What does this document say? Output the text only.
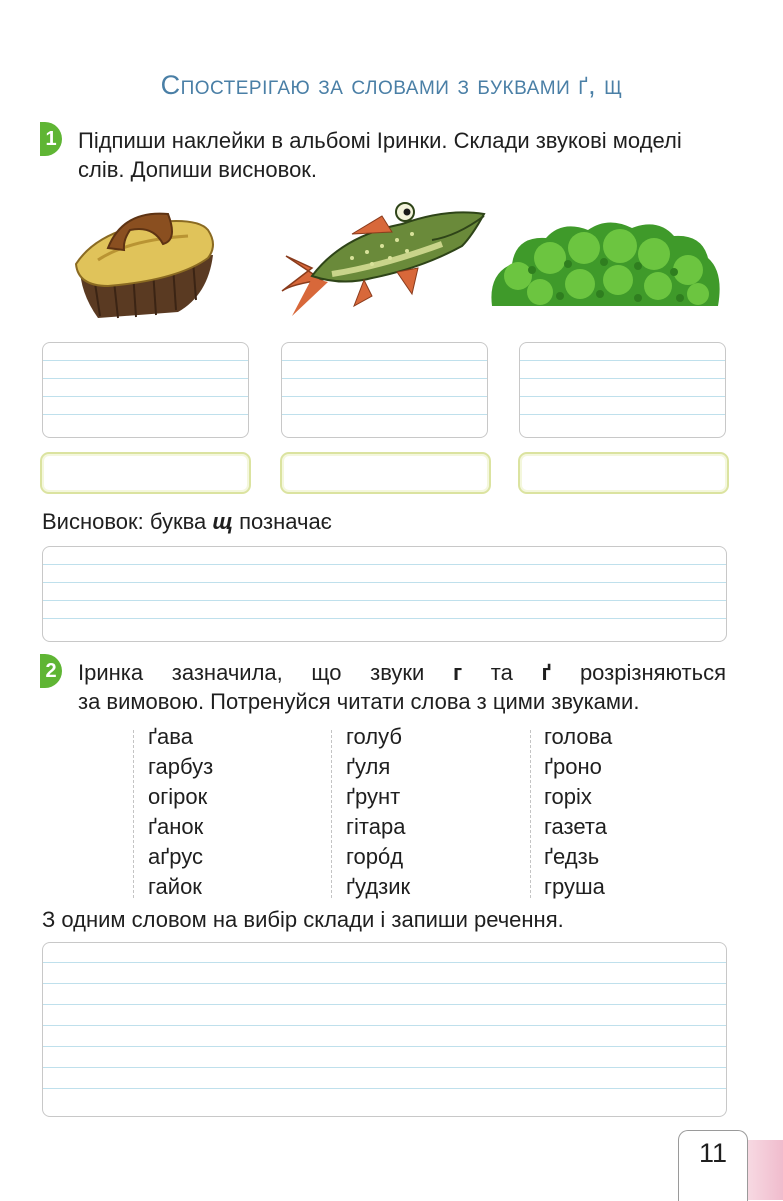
Спостерігаю за словами з буквами ґ, щ
1 Підпиши наклейки в альбомі Іринки. Склади звукові моделі
слів. Допиши висновок.
Висновок: буква щ позначає
2 Іринка зазначила, що звуки г та ґ розрізняються
за вимовою. Потренуйся читати слова з цими звуками.
ґава
гарбуз
огірок
ґанок
аґрус
гайок
голуб
ґуля
ґрунт
гітара
горóд
ґудзик
голова
ґроно
горіх
газета
ґедзь
груша
З одним словом на вибір склади і запиши речення.
11
